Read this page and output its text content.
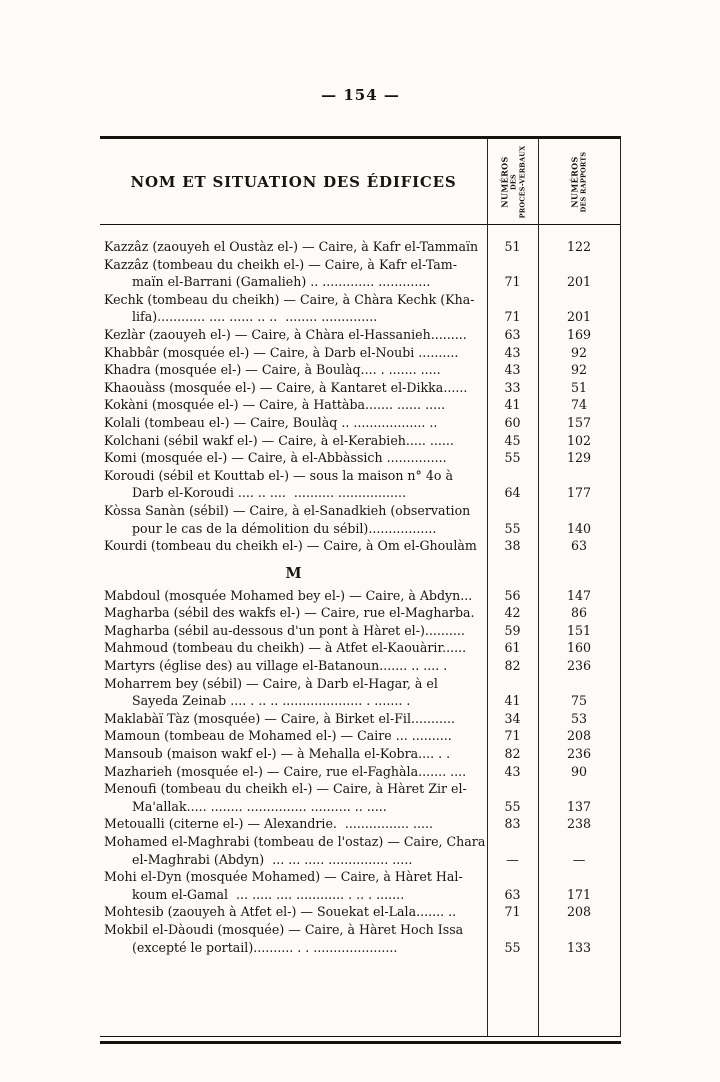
— 154 —
NOM ET SITUATION DES ÉDIFICES	NUMÉROS DES PROCÈS-VERBAUX	NUMÉROS DES RAPPORTS
Kazzâz (zaouyeh el Oustàz el-) — Caire, à Kafr el-Tammaïn	51	122
Kazzâz (tombeau du cheikh el-) — Caire, à Kafr el-Tam-
maïn el-Barrani (Gamalieh) .. ............. .............	71	201
Kechk (tombeau du cheikh) — Caire, à Chàra Kechk (Kha-
lifa)............ .... ...... .. ..  ........ ..............	71	201
Kezlàr (zaouyeh el-) — Caire, à Chàra el-Hassanieh.........	63	169
Khabbâr (mosquée el-) — Caire, à Darb el-Noubi ..........	43	92
Khadra (mosquée el-) — Caire, à Boulàq.... . ....... .....	43	92
Khaouàss (mosquée el-) — Caire, à Kantaret el-Dikka......	33	51
Kokàni (mosquée el-) — Caire, à Hattàba....... ...... .....	41	74
Kolali (tombeau el-) — Caire, Boulàq .. .................. ..	60	157
Kolchani (sébil wakf el-) — Caire, à el-Kerabieh..... ......	45	102
Komi (mosquée el-) — Caire, à el-Abbàssich ...............	55	129
Koroudi (sébil et Kouttab el-) — sous la maison n° 4o à
Darb el-Koroudi .... .. ....  .......... .................	64	177
Kòssa Sanàn (sébil) — Caire, à el-Sanadkieh (observation
pour le cas de la démolition du sébil).................	55	140
Kourdi (tombeau du cheikh el-) — Caire, à Om el-Ghoulàm	38	63
M
Mabdoul (mosquée Mohamed bey el-) — Caire, à Abdyn...	56	147
Magharba (sébil des wakfs el-) — Caire, rue el-Magharba.	42	86
Magharba (sébil au-dessous d'un pont à Hàret el-)..........	59	151
Mahmoud (tombeau du cheikh) — à Atfet el-Kaouàrir......	61	160
Martyrs (église des) au village el-Batanoun....... .. .... .	82	236
Moharrem bey (sébil) — Caire, à Darb el-Hagar, à el
Sayeda Zeinab .... . .. .. .................... . ....... .	41	75
Maklabàï Tàz (mosquée) — Caire, à Birket el-Fil...........	34	53
Mamoun (tombeau de Mohamed el-) — Caire ... ..........	71	208
Mansoub (maison wakf el-) — à Mehalla el-Kobra.... . .	82	236
Mazharieh (mosquée el-) — Caire, rue el-Faghàla....... ....	43	90
Menoufi (tombeau du cheikh el-) — Caire, à Hàret Zir el-
Ma'allak..... ........ ............... .......... .. .....	55	137
Metoualli (citerne el-) — Alexandrie.  ................ .....	83	238
Mohamed el-Maghrabi (tombeau de l'ostaz) — Caire, Chara
el-Maghrabi (Abdyn)  ... ... ..... ............... .....	—	—
Mohi el-Dyn (mosquée Mohamed) — Caire, à Hàret Hal-
koum el-Gamal  ... ..... .... ............ . .. . .......	63	171
Mohtesib (zaouyeh à Atfet el-) — Souekat el-Lala....... ..	71	208
Mokbil el-Dàoudi (mosquée) — Caire, à Hàret Hoch Issa
(excepté le portail).......... . . .....................	55	133
